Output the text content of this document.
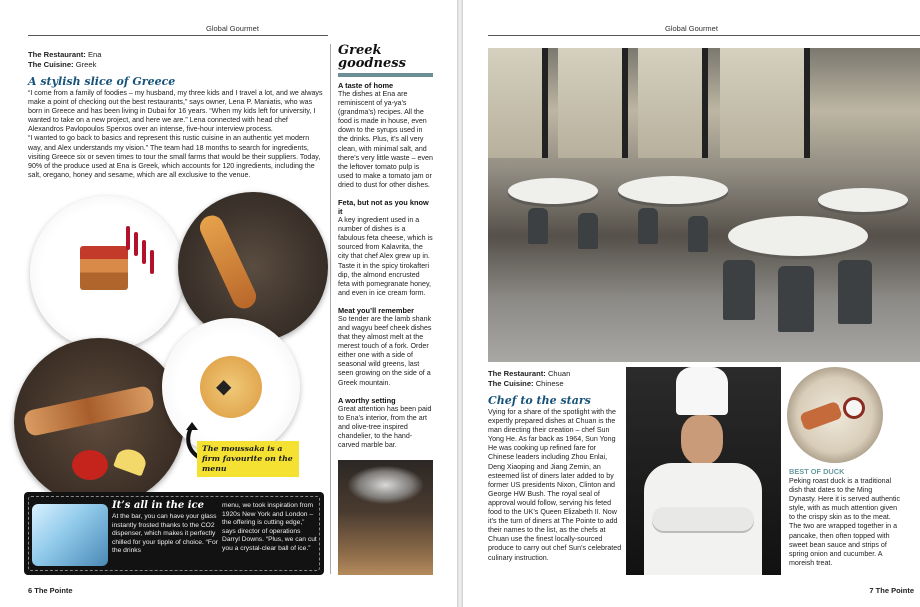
Global Gourmet
The Restaurant: Ena
The Cuisine: Greek
A stylish slice of Greece

“I come from a family of foodies – my husband, my three kids and I travel a lot, and we always make a point of checking out the best restaurants,” says owner, Lena P. Maniatis, who was born in Greece and has been living in Dubai for 16 years. “When my kids left for university, I wanted to take on a new project, and here we are.” Lena connected with head chef Alexandros Pavlopoulos Sperxos over an intense, five-hour interview process.

“I wanted to go back to basics and represent this rustic cuisine in an authentic yet modern way, and Alex understands my vision.” The team had 18 months to search for ingredients, visiting Greece six or seven times to tour the small farms that would be their suppliers. Today, 90% of the produce used at Ena is Greek, which accounts for 120 ingredients, including the salt, oregano, honey and sesame, which are all exclusive to the venue.

Greek
goodness
A taste of home

The dishes at Ena are reminiscent of ya-ya’s (grandma’s) recipes. All the food is made in house, even down to the syrups used in the drinks. Plus, it’s all very clean, with minimal salt, and there’s very little waste – even the leftover tomato pulp is used to make a tomato jam or dried to dust for other dishes.

Feta, but not as you know it

A key ingredient used in a number of dishes is a fabulous feta cheese, which is sourced from Kalavrita, the city that chef Alex grew up in. Taste it in the spicy tirokafteri dip, the almond encrusted feta with pomegranate honey, and even in ice cream form.

Meat you’ll remember

So tender are the lamb shank and wagyu beef cheek dishes that they almost melt at the merest touch of a fork. Order either one with a side of seasonal wild greens, last seen growing on the side of a Greek mountain.

A worthy setting

Great attention has been paid to Ena’s interior, from the art and olive-tree inspired chandelier, to the hand-carved marble bar.

◆
The moussaka is a firm favourite on the menu
It’s all in the ice

At the bar, you can have your glass instantly frosted thanks to the CO2 dispenser, which makes it perfectly chilled for your tipple of choice. “For the drinks

menu, we took inspiration from 1920s New York and London – the offering is cutting edge,” says director of operations Darryl Downs. “Plus, we can cut you a crystal-clear ball of ice.”

6 The Pointe
Global Gourmet
The Restaurant: Chuan
The Cuisine: Chinese
Chef to the stars

Vying for a share of the spotlight with the expertly prepared dishes at Chuan is the man directing their creation – chef Sun Yong He. As far back as 1964, Sun Yong He was cooking up refined fare for Chinese leaders including Zhou Enlai, Deng Xiaoping and Jiang Zemin, an esteemed list of diners later added to by former US presidents Nixon, Clinton and George HW Bush. The royal seal of approval would follow, serving his feted food to the UK’s Queen Elizabeth II. Now it’s the turn of diners at The Pointe to add their names to the list, as the chefs at Chuan use the finest locally-sourced produce to carry out chef Sun’s celebrated culinary instruction.

BEST OF DUCK

Peking roast duck is a traditional dish that dates to the Ming Dynasty. Here it is served authentic style, with as much attention given to the crispy skin as to the meat. The two are wrapped together in a pancake, then often topped with sweet bean sauce and strips of spring onion and cucumber. A moreish treat.

7 The Pointe
